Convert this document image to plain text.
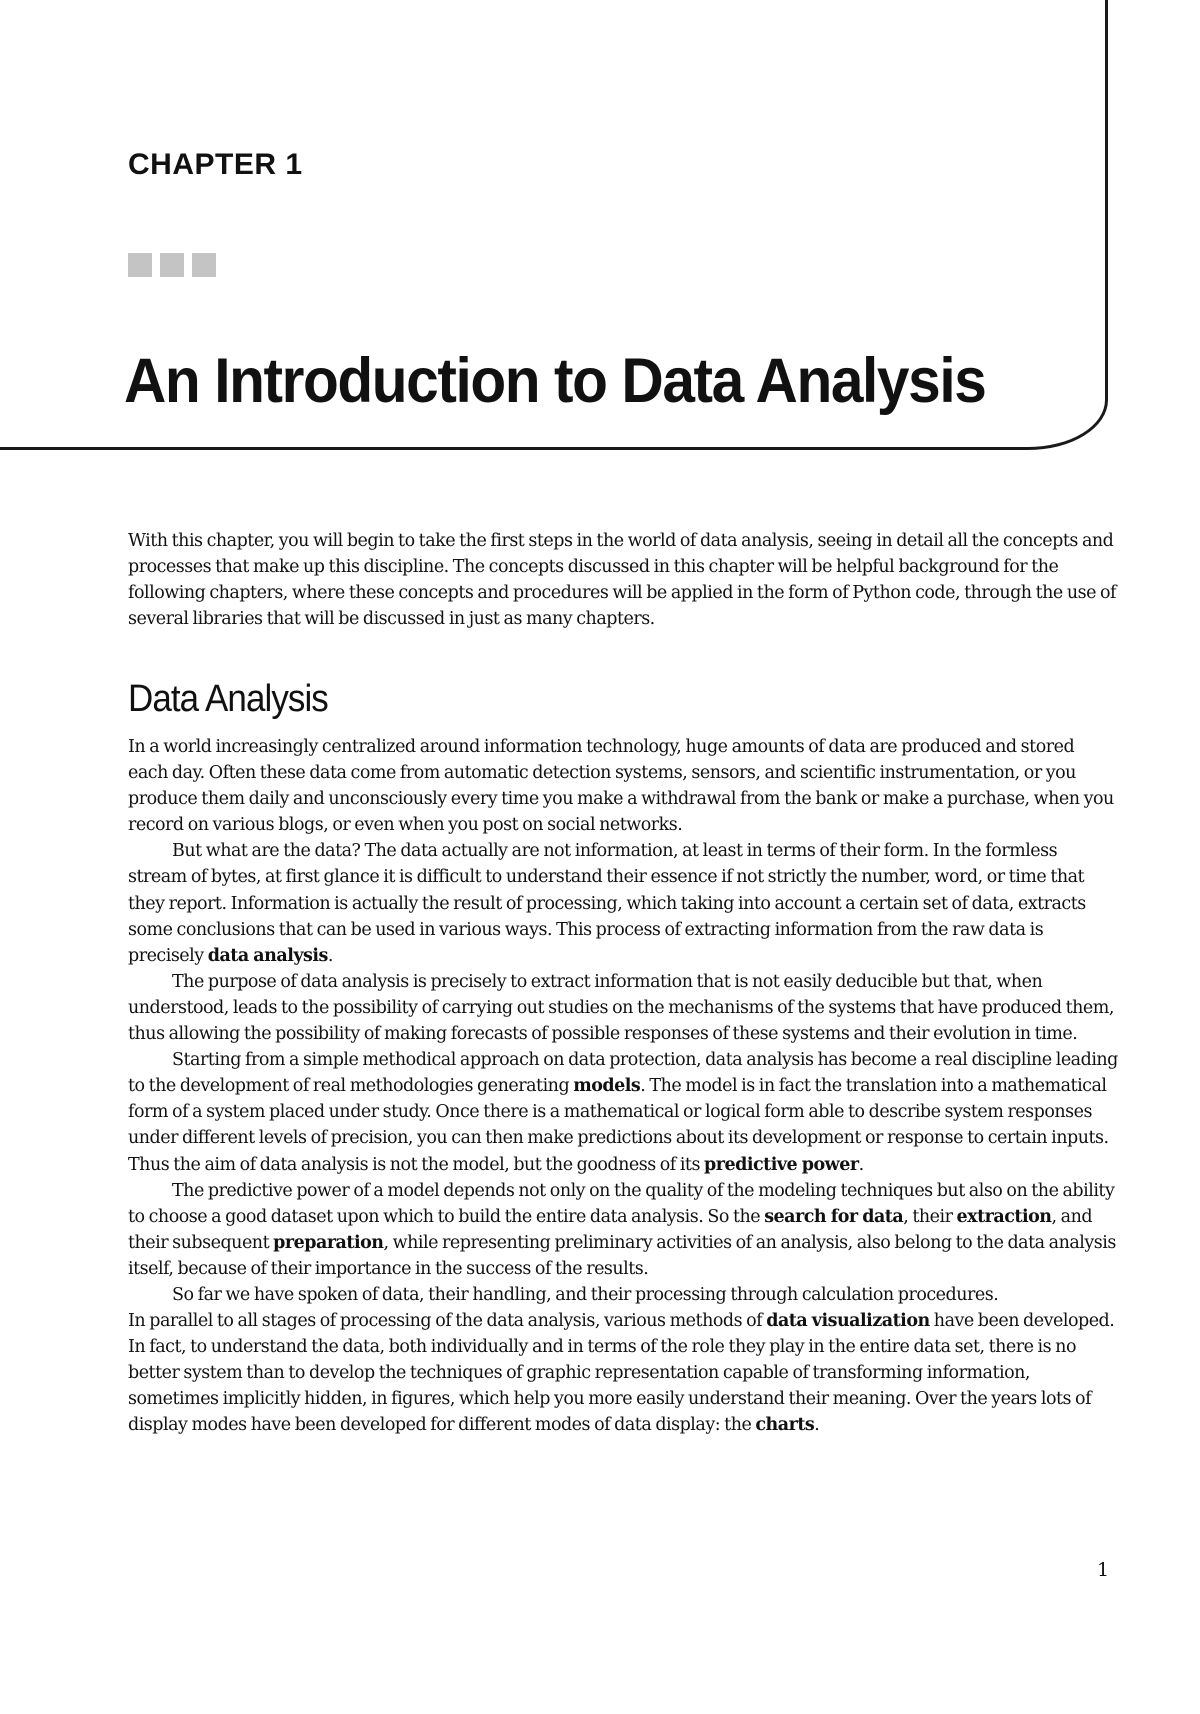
CHAPTER 1
An Introduction to Data Analysis

With this chapter, you will begin to take the first steps in the world of data analysis, seeing in detail all the concepts and processes that make up this discipline. The concepts discussed in this chapter will be helpful background for the following chapters, where these concepts and procedures will be applied in the form of Python code, through the use of several libraries that will be discussed in just as many chapters.

Data Analysis

In a world increasingly centralized around information technology, huge amounts of data are produced and stored each day. Often these data come from automatic detection systems, sensors, and scientific instrumentation, or you produce them daily and unconsciously every time you make a withdrawal from the bank or make a purchase, when you record on various blogs, or even when you post on social networks.

But what are the data? The data actually are not information, at least in terms of their form. In the formless stream of bytes, at first glance it is difficult to understand their essence if not strictly the number, word, or time that they report. Information is actually the result of processing, which taking into account a certain set of data, extracts some conclusions that can be used in various ways. This process of extracting information from the raw data is precisely data analysis.

The purpose of data analysis is precisely to extract information that is not easily deducible but that, when understood, leads to the possibility of carrying out studies on the mechanisms of the systems that have produced them, thus allowing the possibility of making forecasts of possible responses of these systems and their evolution in time.

Starting from a simple methodical approach on data protection, data analysis has become a real discipline leading to the development of real methodologies generating models. The model is in fact the translation into a mathematical form of a system placed under study. Once there is a mathematical or logical form able to describe system responses under different levels of precision, you can then make predictions about its development or response to certain inputs. Thus the aim of data analysis is not the model, but the goodness of its predictive power.

The predictive power of a model depends not only on the quality of the modeling techniques but also on the ability to choose a good dataset upon which to build the entire data analysis. So the search for data, their extraction, and their subsequent preparation, while representing preliminary activities of an analysis, also belong to the data analysis itself, because of their importance in the success of the results.

So far we have spoken of data, their handling, and their processing through calculation procedures.

In parallel to all stages of processing of the data analysis, various methods of data visualization have been developed. In fact, to understand the data, both individually and in terms of the role they play in the entire data set, there is no better system than to develop the techniques of graphic representation capable of transforming information, sometimes implicitly hidden, in figures, which help you more easily understand their meaning. Over the years lots of display modes have been developed for different modes of data display: the charts.

1
